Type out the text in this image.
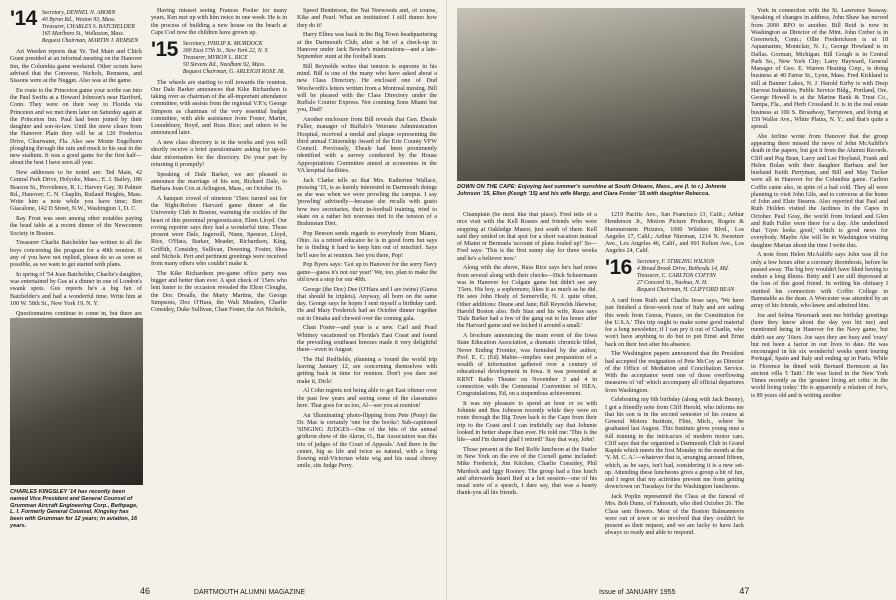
'14 Secretary, DENNEL N. ABORN
40 Byron Rd., Weston 93, Mass.
Treasurer, CHARLES S. BATCHELDER
165 Marlboro St., Wollaston, Mass.
Bequest Chairman, MARTIN J. REMSEN

Art Weeden reports that Ye. Ted Main and Chick Grant presided at an informal meeting on the Hanover Inn, the Columbia game weekend. Other scouts have advised that the Converse, Nichols, Remsens, and Sissons were at the Nugget. Also was at the game.

En route to the Princeton game your scribe ran into the Paul Swifts at a Howard Johnson's near Hartford, Conn. They were on their way to Florida via Princeton and we met them later on Saturday again at the Princeton Inn. Paul had been joined by their daughter and son-in-law. Until the snow clears from the Hanover Plain they will be at 120 Frederica Drive, Clearwater, Fla. Also saw Monte Engelhorn ploughing through the rain and muck to his seat in the new stadium. It was a good game for the first half—about the best I have seen all year.

New addresses to be noted are: Ted Main, 42 Central Park Drive, Holyoke, Mass.; E. J. Bailey, 186 Beacon St., Providence, R. I.; Harvey Gay, 36 Palmer Rd., Hanover; C. N. Chaplin, Rutland Heights, Mass. Write him a note while you have time; Ben Giacalone, 142 D Street, N.W., Washington 1, D. C.

Ray Frost was seen among other notables paying the head table at a recent dinner of the Newcomen Society in Boston.

Treasurer Charlie Batchelder has written to all the boys concerning the program for a 40th reunion. If any of you have not replied, please do so as soon as possible, as we want to get started with plans.

In spring of '54 Jean Batchelder, Charlie's daughter, was entertained by Gus at a dinner in one of London's swank spots. Gus reports he's a big fan of Batchelder's and had a wonderful time. Write him at 100 W. 58th St., New York 19, N. Y.

Questionnaires continue to come in, but there are

CHARLES KINGSLEY '14 has recently been named Vice President and General Counsel of Grumman Aircraft Engineering Corp., Bethpage, L. I. Formerly General Counsel, Kingsley has been with Grumman for 12 years; in aviation, 16 years.

Having missed seeing Frances Pooler for many years, Ken met up with him twice in one week. He is in the process of building a new house on the beach at Cape Cod now the children have grown up.

'15 Secretary, PHILIP K. MURDOCK
300 East 57th St., New York 22, N. Y.
Treasurer, MYRON L. RICE
50 Stevens Rd., Needham 92, Mass.
Bequest Chairman, G. ARLEIGH ROSE JR.

The wheels are starting to roll towards the reunion. Our Dale Barker announces that Kike Richardson is taking over as chairman of the all-important attendance committee, with assists from the regional V.P.'s; George Simpson as chairman of the very essential budget committee, with able assistance from Foster, Martin, Loundsbury, Boyd, and Russ Rice; and others to be announced later.

A new class directory is in the works and you will shortly receive a brief questionnaire asking for up-to-date information for the directory. Do your part by returning it promptly!

Speaking of Dale Barker, we are pleased to announce the marriage of his son, Richard Dale, to Barbara Joan Cox at Arlington, Mass., on October 16.

A banquet crowd of nineteen '15ers turned out for the Night-Before Harvard game dinner at the University Club in Boston, warming the cockles of the heart of this perennial prognosticator, Elem Lloyd. Our roving reporter says they had a wonderful time. Those present were Dale, Ingersoll, Nunn, Spencer, Lloyd, Rice, O'Hara, Barker, Meader, Richardson, King, Griffith, Considey, Sullivan, Downing, Foster, Shea and Nichols. Pert and pertinent greetings were received from many others who couldn't make it.

The Kike Richardson pre-game office party was bigger and better than ever. A spot check of '15ers who lent luster to the occasion revealed the Elton Cloughs, the Doc Drealls, the Marty Martins, the George Simpsons, Doc O'Hara, the Walt Meaders, Charlie Considey, Duke Sullivan, Chan Foster, the Art Nichols,

Speed Henderson, the Nat Norwoods and, of course, Kike and Pearl. What an institution! I still dunno how they do it!

Harry Ellms was back in the Big Town headquartering at the Dartmouth Club, after a bit of a check-up in Hanover under Jack Bowler's ministrations—and a late-September stunt at the football team.

Bill Reynolds writes that tension is supreme in his mind. Bill is one of the many who have asked about a new Class Directory. He enclosed one of Dud Woolworth's letters written from a Montreal nursing. Bill will be pleased with the Class Directory under the Ruffalo Courier Express. Not counting Sons Miami but you, Dud?

Another enclosure from Bill reveals that Gen. Ebeale Fuller, manager of Buffalo's Veterans Administration Hospital, received a medal and plaque representing the third annual Citizenship Award of the Erie County VFW Council. Previously, Ebeale had been prominently identified with a survey conducted by the House Appropriations Committee aimed at economies in the VA hospital facilities.

Jack Clarke tells us that Mrs. Katherine Wallace, pressing '15, is as keenly interested in Dartmouth doings as she was when we were prowling the campus. I say 'prowling' advisedly—because she recalls with gusto how two secretaries, their in-football training, tried to skate on a rather hot nouveau tied to the tension of a Brahmsian Diet.

Pop Benson sends regards to everybody from Miami, Ohio. As a retired educator he is in good form but says he is finding it hard to keep him out of mischief. Says he'll sure be at reunion. See you there, Pop!

Pop Byers says: 'Got up to Hanover for the sorry Navy game—guess it's not our year!' We, too, plan to make the old town a stop for our 40th.

George (the Doc) Dee (O'Hara and I are twins) (Guess that should be triplets). Anyway, all born on the same day. George says he hopes I sent myself a birthday card. He and Mary Frederick had an October dinner together out in Omaha and chewed over the coming gala.

Chan Foster—and year is a new. Carl and Pearl Whitney vacationed on Florida's East Coast and found the prevailing southeast breezes made it very delightful there—even in August.

The Hal Redfields, planning a 'round the world trip leaving January 12, are concerning themselves with getting back in time for reunion. Don't you dare not make it, Dick!

Al Cohn regrets not being able to get East oftener over the past few years and seeing some of the classmates here. That goes for us too, Al—see you at reunion!

An 'illuminating' photo-flipping from Pete (Pony) the Dr. Mac is certainly 'one for the books': Sub-captioned 'SINGING JUDGES—One of the hits of the annual gridiron show of the Akron, O., Bar Association was this trio of judges of the Court of Appeals.' And there in the center, big as life and twice as natural, with a long flowing mid-Victorian white wig and his usual cheesy smile, sits Judge Perry.

46	DARTMOUTH ALUMNI MAGAZINE
DOWN ON THE CAPE: Enjoying last summer's sunshine at South Orleans, Mass., are (l. to r.) Johnnie Johnson '15, Ellen (Keogh '15) and his wife Margy, and Clara Foster '15 with daughter Rebecca.

Champlain (be most like that place). Fred tells of a nice visit with the Kell Rosses and friends who were stopping at Oakledge Manor, just south of there. Kell said they settled on that spot for a short vacation instead of Miami or Bermuda 'account of plans fouled up!' So—Fred says: 'This is the first sunny day for three weeks and he's a believer now.'

Along with the above, Russ Rice says he's had notes from several along with their checks—Dick Schuermann was in Hanover for Colgate game but didn't see any '15ers. His boy, a sophomore, likes it as much as he did. He sees John Healy of Somerville, N. J. quite often. Other additions: Deane and Jane; Bill Reynolds likewise; Harold Boston also. Bob Stan and his wife, Russ says 'Dale Barker had a few of the gang out to his house after the Harvard game and we kicked it around a small.'

A brochure announcing the main event of the Iowa State Education Association, a dramatic chronicle titled, Never Ending Frontier, was furnished by the author, Prof. E. C. (Ed) Mabie—implies vast preparation of a wealth of information gathered over a century of educational development in Iowa. It was presented at KRNT Radio Theater on November 3 and 4 in connection with the Centennial Convention of ISEA. Congratulations, Ed, on a stupendous achievement.

It was my pleasure to spend an hour or so with Johnnie and Bea Johnson recently while they were en route through the Big Town back to the Cape from their trip to the Coast and I can truthfully say that Johnnie looked in better shape than ever. He told me: 'This is the life—and I'm darned glad I retired!' Stay that way, John!

Those present at the Red Rolfe luncheon at the Statler in New York on the eve of the Cornell game included: Mike Frederick, Jim Kitchen, Charlie Considey, Phil Murdock and Iggy Rooney. The group had a fine lunch and afterwards heard Red at a hot session—one of his usual sorts of a speech, I dare say, that was a hearty thank-you all his friends.

1219 Pacific Ave., San Francisco 13, Calif.; Arthur Henderson Jr., Motion Picture Producer, Rogers & Hammerstein Pictures, 1000 Wilshire Blvd., Los Angeles 17, Calif.; Arthur Nierman, 1214 N. Sweetzer Ave., Los Angeles 46, Calif., and 991 Kelton Ave., Los Angeles 24, Calif.

'16 Secretary, F. STIRLING WILSON
4 Broad Brook Drive, Bethesda 14, Md.
Treasurer, C. CARLTON COFFIN
27 Concord St., Nashua, N. H.
Bequest Chairman, H. CLIFFORD BEAN

A card from Ruth and Charlie Jesse says, 'We have just finished a three-week tour of Italy and are sailing this week from Genoa, France, on the Constitution for the U.S.A.' This trip ought to make some good material for a long newsletter, if I can pry it out of Charlie, who won't have anything to do but to put Ernst and Ernst back on their feet after his absence.

The Washington papers announced that the President had accepted the resignation of Pete McCoy as Director of the Office of Mediation and Conciliation Service. With the acceptance went one of those overflowing measures of 'oil' which accompany all official departures from Washington.

Celebrating my 6th birthday (along with Jack Benny), I got a friendly note from Cliff Herold, who informs me that his son is in the second semester of his course at General Motors Institute, Flint, Mich., where he graduated last August. This Institute gives young men a full training in the intricacies of modern motor cars. Cliff says that the organized a Dartmouth Club in Grand Rapids which meets the first Monday in the month at the 'Y. M. C. A.'—whatever that is, arranging around fifteen, which, as he says, isn't bad, considering it is a new set-up. Attending these luncheons gives a group a bit of fun, and I regret that my activities prevent me from getting down/town on Tuesdays for the Washington luncheons.

Jack Poplin represented the Class at the funeral of Mrs. Bob Dunn, of Falmouth, who died October 26. The Class sent flowers. Most of the Boston Balmanneers were out of town or so involved that they couldn't be present as their request, and we are lucky to have Jack always so ready and able to respond.

York in connection with the St. Lawrence Seaway. Speaking of changes in address, John Shaw has moved from 2000 RPO to another. Bill Reid is now in Washington as Director of the Mint. John Creber is in Greenwich, Conn.; Ollie Frederickson is at 18 Aquamarine, Montclair, N. J.; George Howland is in Dallas. Gorman, Michigan. Bill Gough is in Central Park So., New York City; Larry Hayward, General Manager of Geo. E. Warren Heating Corp., is doing business at 40 Farrar St., Lynn, Mass. Fred Kirkland is still at Banner Lakes, N. J. Harold Kirby is with Deep Harvest Industries, Public Service Bldg., Portland, Ore. George Howell is at the Marine Bank & Trust Co., Tampa, Fla., and Herb Crossland Jr. is in the real estate business at 100 S. Broadway, Tarrytown, and living at 159 Waller Ave., White Plains, N. Y.; and that's quite a spread.

Abe Jerline wrote from Hanover that the group appearing there missed the news of John McAuliffe's death in the papers, but got it from the Alumni Records. Cliff and Peg Bean, Larry and Lee Hoyland, Frank and Helen Bolan with their daughter Barbara and her husband Keith Perryman, and Bill and May Tucker were all in Hanover for the Columbia game. Carlton Coffin came also, in spite of a bad cold. They all were planning to visit John Gile, and to converse at the home of John and Elsie Stearns. Also reported that Paul and Ruth Holden visited the Jardines in the Capes in October. Paul Gray, the world from Ireland and Glen and Ruth Fuller were there for a day. Abe underlined that 'Gym looks good,' which is good news for everybody. Maybe Abe will be in Washington visiting daughter Marian about the time I write this.

A note from Helen McAuliffe says John was ill for only a few hours after a coronary thrombosis, before he passed away. The big boy wouldn't have liked having to endure a long illness. Betty and I are still depressed at the loss of this good friend. In writing his obituary I omitted his connection with Coffin College in Barnstable as the dean. A Worcester was attended by an array of his friends, who knew and admired him.

Joe and Selma Newmark sent me birthday greetings (here they know about the day you hit me) and mentioned being in Hanover for the Navy game, but didn't see any '16ers. Joe says they are busy and 'crazy' but not been a factor in our lives to date. He was encouraged in his six wonderful weeks spent touring Portugal, Spain and Italy and ending up in Paris. While in Florence he dined with Bernard Berenson at his ancient villa 'I Tatti.' He was listed in the New York Times recently as the 'greatest living art critic in the world living today.' He is apparently a relation of Joe's, is 89 years old and is writing another

Issue of JANUARY 1955	47
